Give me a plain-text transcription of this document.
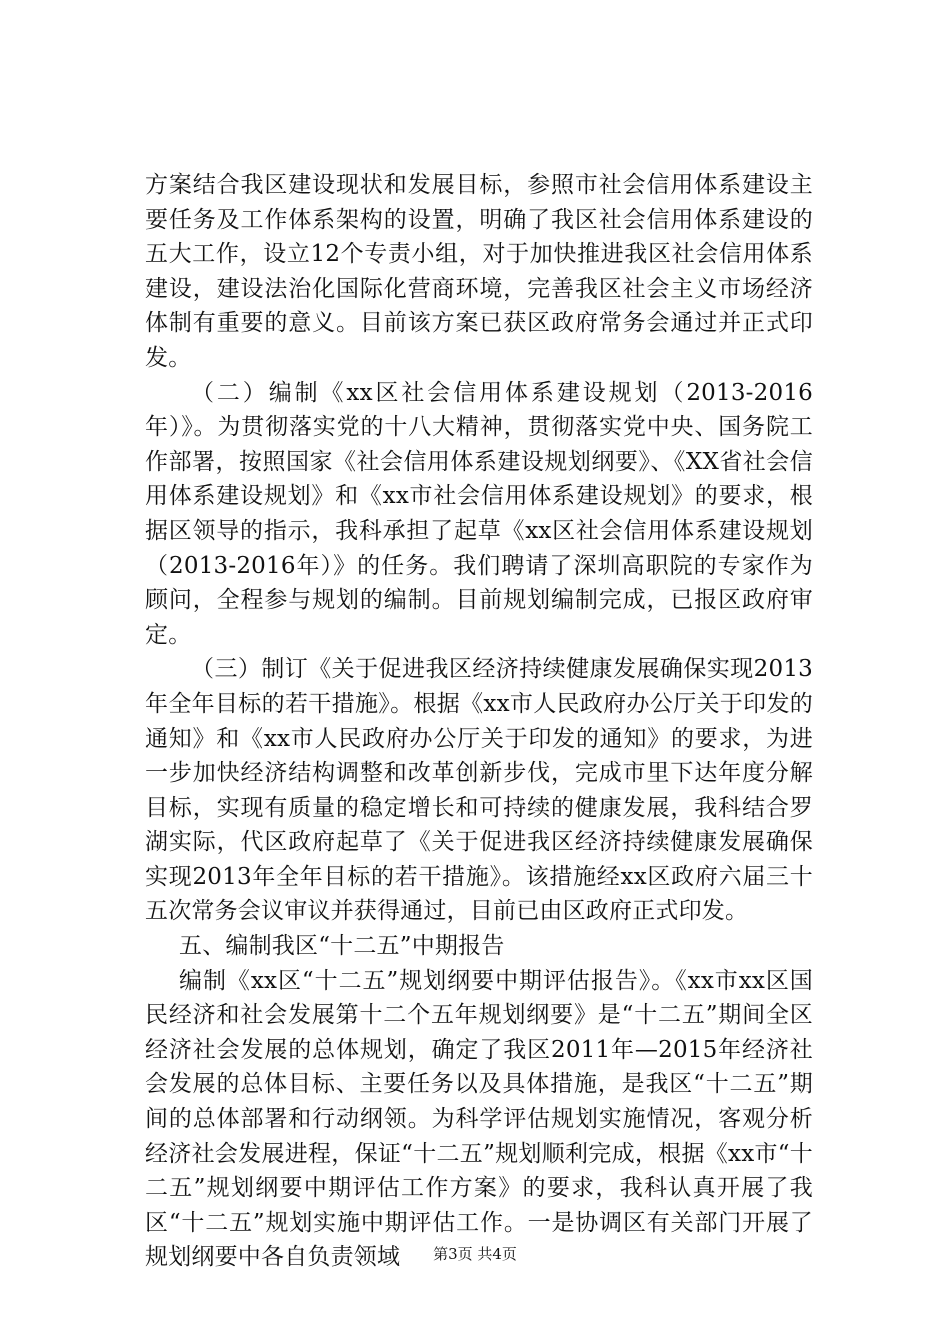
方案结合我区建设现状和发展目标，参照市社会信用体系建设主要任务及工作体系架构的设置，明确了我区社会信用体系建设的五大工作，设立12个专责小组，对于加快推进我区社会信用体系建设，建设法治化国际化营商环境，完善我区社会主义市场经济体制有重要的意义。目前该方案已获区政府常务会通过并正式印发。

（二）编制《xx区社会信用体系建设规划（2013-2016年）》。为贯彻落实党的十八大精神，贯彻落实党中央、国务院工作部署，按照国家《社会信用体系建设规划纲要》、《XX省社会信用体系建设规划》和《xx市社会信用体系建设规划》的要求，根据区领导的指示，我科承担了起草《xx区社会信用体系建设规划（2013-2016年）》的任务。我们聘请了深圳高职院的专家作为顾问，全程参与规划的编制。目前规划编制完成，已报区政府审定。

（三）制订《关于促进我区经济持续健康发展确保实现2013年全年目标的若干措施》。根据《xx市人民政府办公厅关于印发的通知》和《xx市人民政府办公厅关于印发的通知》的要求，为进一步加快经济结构调整和改革创新步伐，完成市里下达年度分解目标，实现有质量的稳定增长和可持续的健康发展，我科结合罗湖实际，代区政府起草了《关于促进我区经济持续健康发展确保实现2013年全年目标的若干措施》。该措施经xx区政府六届三十五次常务会议审议并获得通过，目前已由区政府正式印发。

五、编制我区“十二五”中期报告

编制《xx区“十二五”规划纲要中期评估报告》。《xx市xx区国民经济和社会发展第十二个五年规划纲要》是“十二五”期间全区经济社会发展的总体规划，确定了我区2011年—2015年经济社会发展的总体目标、主要任务以及具体措施，是我区“十二五”期间的总体部署和行动纲领。为科学评估规划实施情况，客观分析经济社会发展进程，保证“十二五”规划顺利完成，根据《xx市“十二五”规划纲要中期评估工作方案》的要求，我科认真开展了我区“十二五”规划实施中期评估工作。一是协调区有关部门开展了规划纲要中各自负责领域	第3页 共4页
